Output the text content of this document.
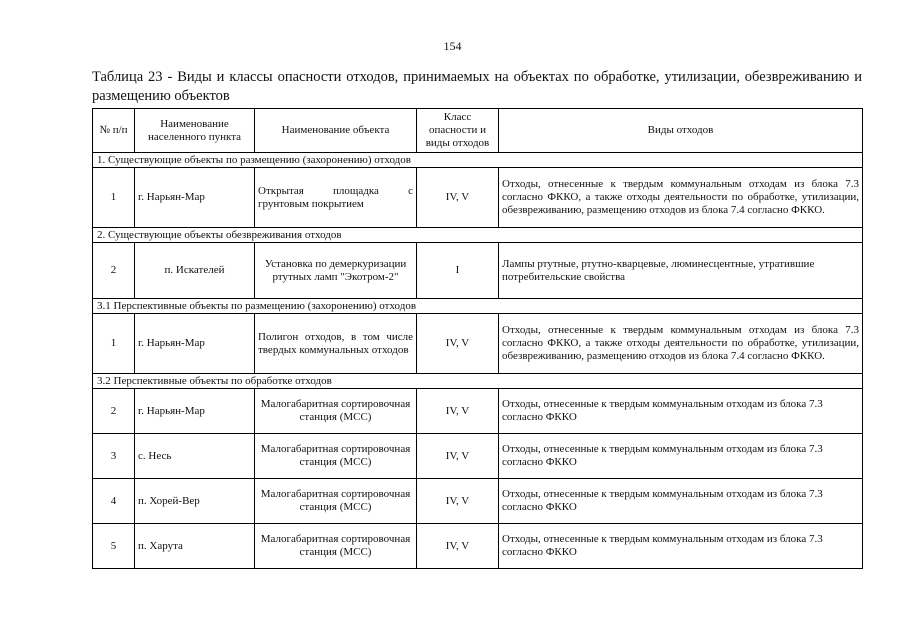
154
Таблица 23 - Виды и классы опасности отходов, принимаемых на объектах по обработке, утилизации, обезвреживанию и размещению объектов
№ п/п	Наименование населенного пункта	Наименование объекта	Класс опасности и виды отходов	Виды отходов
1. Существующие объекты по размещению (захоронению) отходов				
1	г. Нарьян-Мар	Открытая площадка с грунтовым покрытием	IV, V	Отходы, отнесенные к твердым коммунальным отходам из блока 7.3 согласно ФККО, а также отходы деятельности по обработке, утилизации, обезвреживанию, размещению отходов из блока 7.4 согласно ФККО.
2. Существующие объекты обезвреживания отходов				
2	п. Искателей	Установка по демеркуризации ртутных ламп "Экотром-2"	I	Лампы ртутные, ртутно-кварцевые, люминесцентные, утратившие потребительские свойства
3.1 Перспективные объекты по размещению (захоронению) отходов				
1	г. Нарьян-Мар	Полигон отходов, в том числе твердых коммунальных отходов	IV, V	Отходы, отнесенные к твердым коммунальным отходам из блока 7.3 согласно ФККО, а также отходы деятельности по обработке, утилизации, обезвреживанию, размещению отходов из блока 7.4 согласно ФККО.
3.2 Перспективные объекты по обработке отходов				
2	г. Нарьян-Мар	Малогабаритная сортировочная станция (МСС)	IV, V	Отходы, отнесенные к твердым коммунальным отходам из блока 7.3 согласно ФККО
3	с. Несь	Малогабаритная сортировочная станция (МСС)	IV, V	Отходы, отнесенные к твердым коммунальным отходам из блока 7.3 согласно ФККО
4	п. Хорей-Вер	Малогабаритная сортировочная станция (МСС)	IV, V	Отходы, отнесенные к твердым коммунальным отходам из блока 7.3 согласно ФККО
5	п. Харута	Малогабаритная сортировочная станция (МСС)	IV, V	Отходы, отнесенные к твердым коммунальным отходам из блока 7.3 согласно ФККО
